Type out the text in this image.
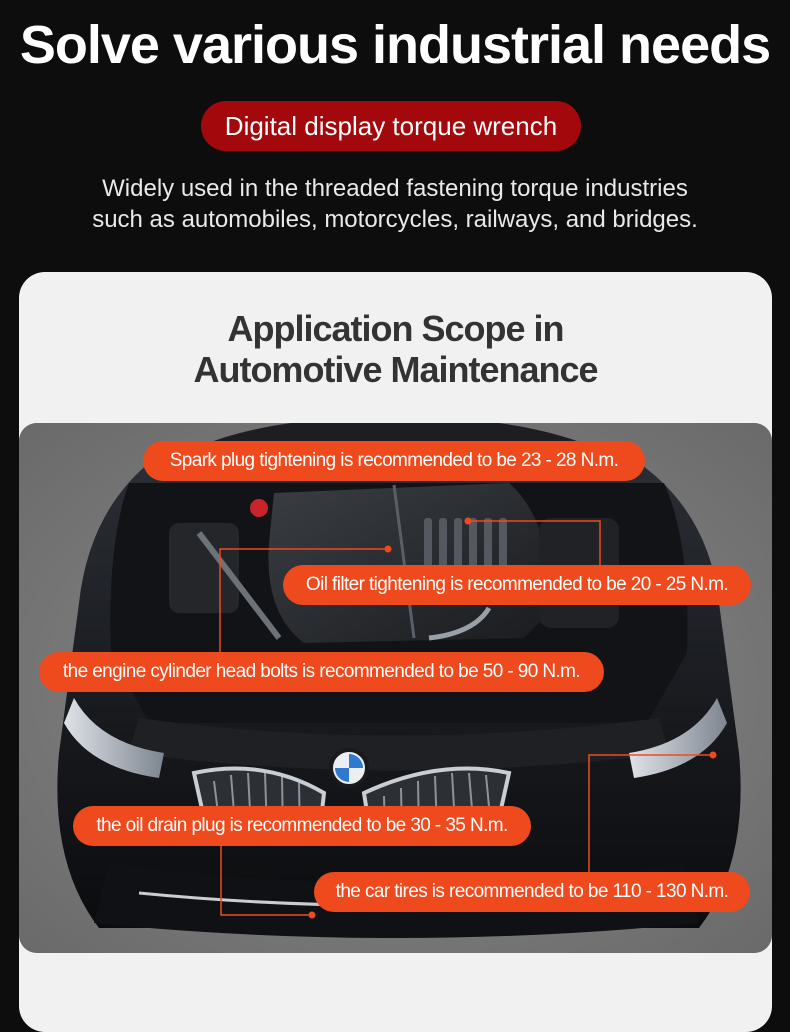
Solve various industrial needs
Digital display torque wrench

Widely used in the threaded fastening torque industries
such as automobiles, motorcycles, railways, and bridges.

Application Scope in
Automotive Maintenance
Spark plug tightening is recommended to be 23 - 28 N.m.
Oil filter tightening is recommended to be 20 - 25 N.m.
the engine cylinder head bolts is recommended to be 50 - 90 N.m.
the oil drain plug is recommended to be 30 - 35 N.m.
the car tires is recommended to be 110 - 130 N.m.
